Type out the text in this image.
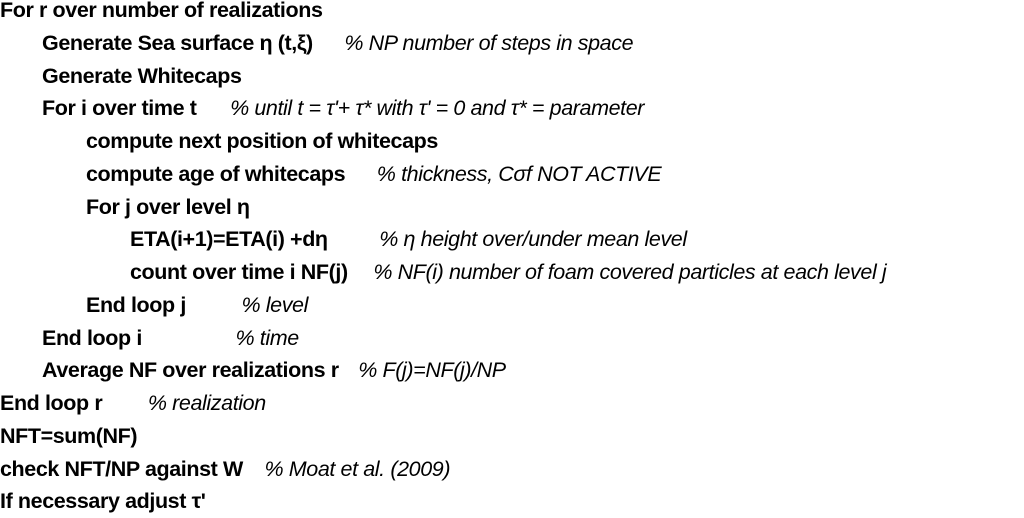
For r over number of realizations
Generate Sea surface η (t,ξ) % NP number of steps in space
Generate Whitecaps
For i over time t % until t = τ'+ τ* with τ' = 0 and τ* = parameter
compute next position of whitecaps
compute age of whitecaps % thickness, Cσf NOT ACTIVE
For j over level η
ETA(i+1)=ETA(i) +dη % η height over/under mean level
count over time i NF(j) % NF(i) number of foam covered particles at each level j
End loop j	% level
End loop i	% time
Average NF over realizations r % F(j)=NF(j)/NP
End loop r % realization
NFT=sum(NF)
check NFT/NP against W % Moat et al. (2009)
If necessary adjust τ'
